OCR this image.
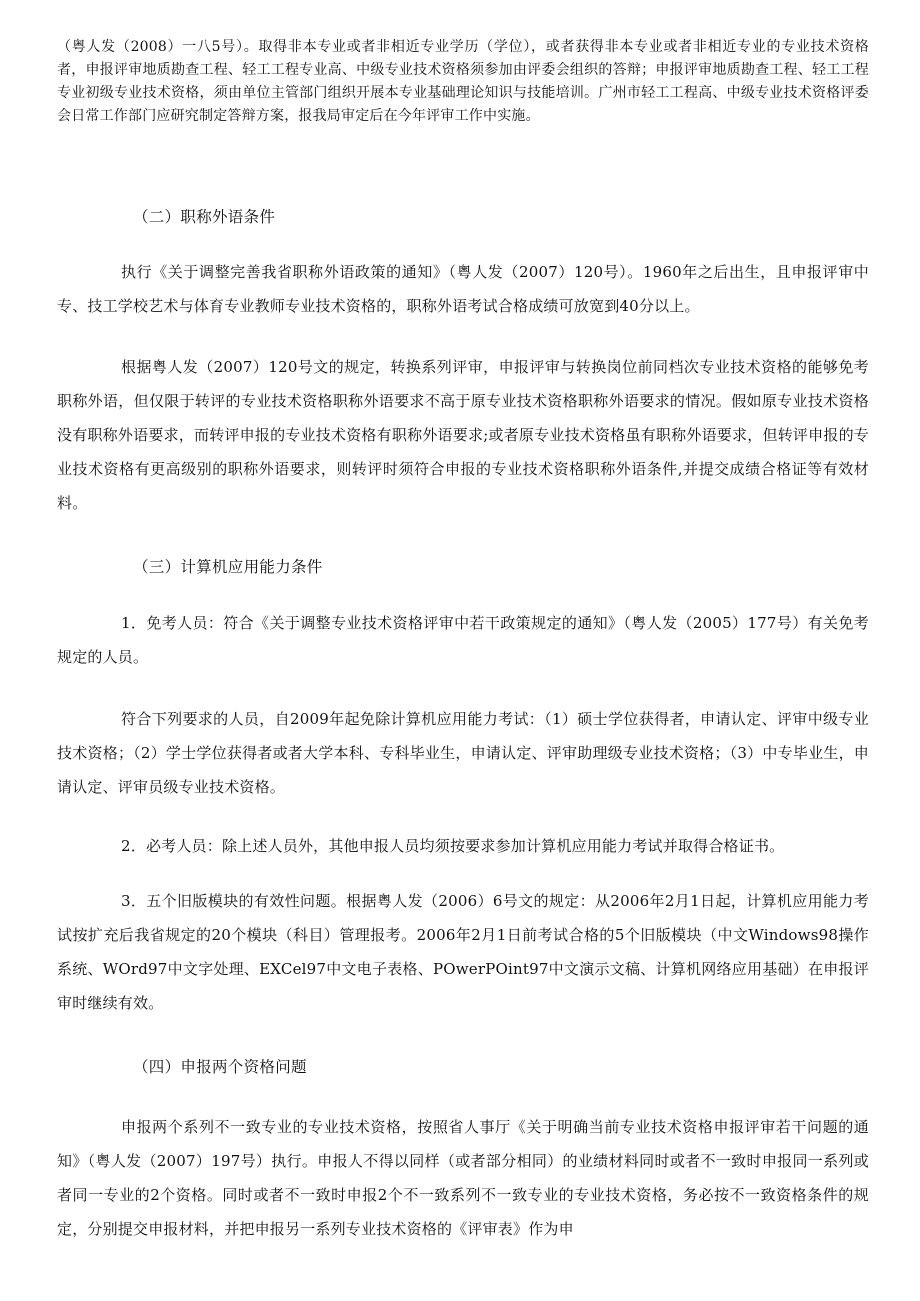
（粤人发（2008）一八5号）。取得非本专业或者非相近专业学历（学位），或者获得非本专业或者非相近专业的专业技术资格者，申报评审地质勘查工程、轻工工程专业高、中级专业技术资格须参加由评委会组织的答辩；申报评审地质勘查工程、轻工工程专业初级专业技术资格，须由单位主管部门组织开展本专业基础理论知识与技能培训。广州市轻工工程高、中级专业技术资格评委会日常工作部门应研究制定答辩方案，报我局审定后在今年评审工作中实施。

（二）职称外语条件

执行《关于调整完善我省职称外语政策的通知》（粤人发（2007）120号）。1960年之后出生，且申报评审中专、技工学校艺术与体育专业教师专业技术资格的，职称外语考试合格成绩可放宽到40分以上。

根据粤人发（2007）120号文的规定，转换系列评审，申报评审与转换岗位前同档次专业技术资格的能够免考职称外语，但仅限于转评的专业技术资格职称外语要求不高于原专业技术资格职称外语要求的情况。假如原专业技术资格没有职称外语要求，而转评申报的专业技术资格有职称外语要求;或者原专业技术资格虽有职称外语要求，但转评申报的专业技术资格有更高级别的职称外语要求，则转评时须符合申报的专业技术资格职称外语条件,并提交成绩合格证等有效材料。

（三）计算机应用能力条件

1．免考人员：符合《关于调整专业技术资格评审中若干政策规定的通知》（粤人发（2005）177号）有关免考规定的人员。

符合下列要求的人员，自2009年起免除计算机应用能力考试：（1）硕士学位获得者，申请认定、评审中级专业技术资格；（2）学士学位获得者或者大学本科、专科毕业生，申请认定、评审助理级专业技术资格；（3）中专毕业生，申请认定、评审员级专业技术资格。

2．必考人员：除上述人员外，其他申报人员均须按要求参加计算机应用能力考试并取得合格证书。

3．五个旧版模块的有效性问题。根据粤人发（2006）6号文的规定：从2006年2月1日起，计算机应用能力考试按扩充后我省规定的20个模块（科目）管理报考。2006年2月1日前考试合格的5个旧版模块（中文Windows98操作系统、WOrd97中文字处理、EXCel97中文电子表格、POwerPOint97中文演示文稿、计算机网络应用基础）在申报评审时继续有效。

（四）申报两个资格问题

申报两个系列不一致专业的专业技术资格，按照省人事厅《关于明确当前专业技术资格申报评审若干问题的通知》（粤人发（2007）197号）执行。申报人不得以同样（或者部分相同）的业绩材料同时或者不一致时申报同一系列或者同一专业的2个资格。同时或者不一致时申报2个不一致系列不一致专业的专业技术资格，务必按不一致资格条件的规定，分别提交申报材料，并把申报另一系列专业技术资格的《评审表》作为申
